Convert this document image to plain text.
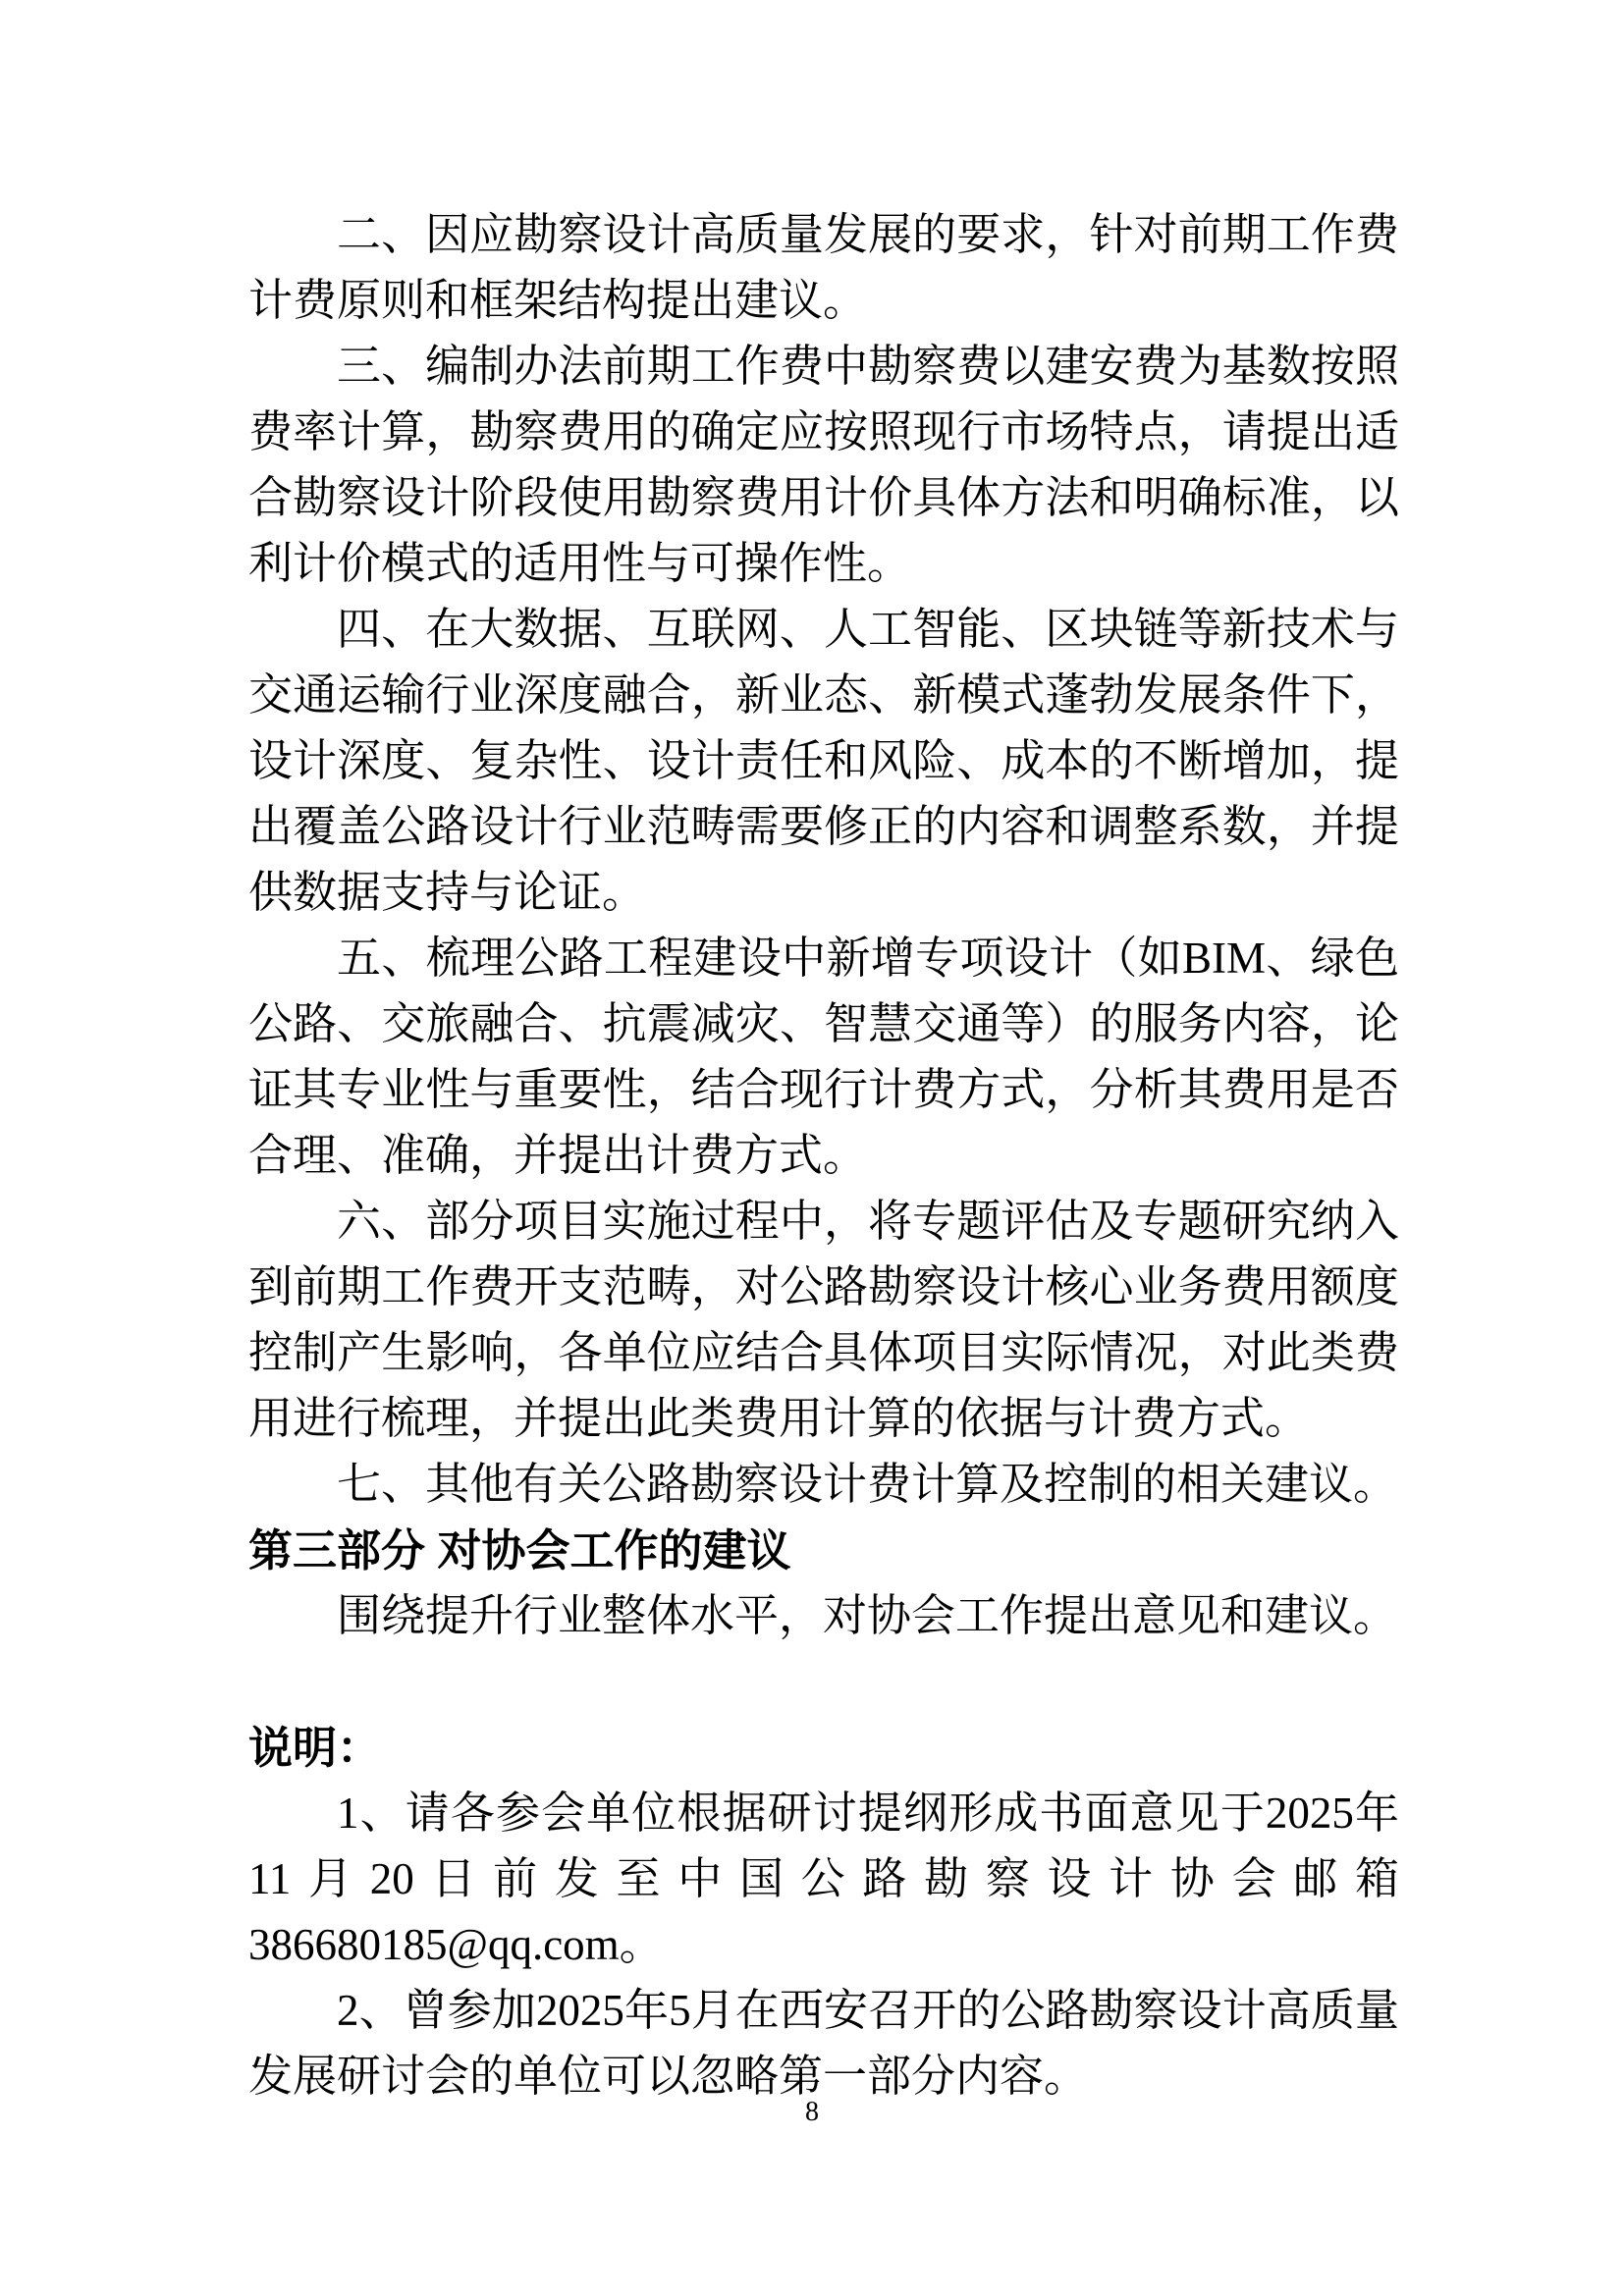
二、因应勘察设计高质量发展的要求，针对前期工作费计费原则和框架结构提出建议。

三、编制办法前期工作费中勘察费以建安费为基数按照费率计算，勘察费用的确定应按照现行市场特点，请提出适合勘察设计阶段使用勘察费用计价具体方法和明确标准，以利计价模式的适用性与可操作性。

四、在大数据、互联网、人工智能、区块链等新技术与交通运输行业深度融合，新业态、新模式蓬勃发展条件下，设计深度、复杂性、设计责任和风险、成本的不断增加，提出覆盖公路设计行业范畴需要修正的内容和调整系数，并提供数据支持与论证。

五、梳理公路工程建设中新增专项设计（如BIM、绿色公路、交旅融合、抗震减灾、智慧交通等）的服务内容，论证其专业性与重要性，结合现行计费方式，分析其费用是否合理、准确，并提出计费方式。

六、部分项目实施过程中，将专题评估及专题研究纳入到前期工作费开支范畴，对公路勘察设计核心业务费用额度控制产生影响，各单位应结合具体项目实际情况，对此类费用进行梳理，并提出此类费用计算的依据与计费方式。

七、其他有关公路勘察设计费计算及控制的相关建议。

第三部分 对协会工作的建议

围绕提升行业整体水平，对协会工作提出意见和建议。

说明：

1、请各参会单位根据研讨提纲形成书面意见于2025年11月20日前发至中国公路勘察设计协会邮箱386680185@qq.com。

2、曾参加2025年5月在西安召开的公路勘察设计高质量发展研讨会的单位可以忽略第一部分内容。

8
